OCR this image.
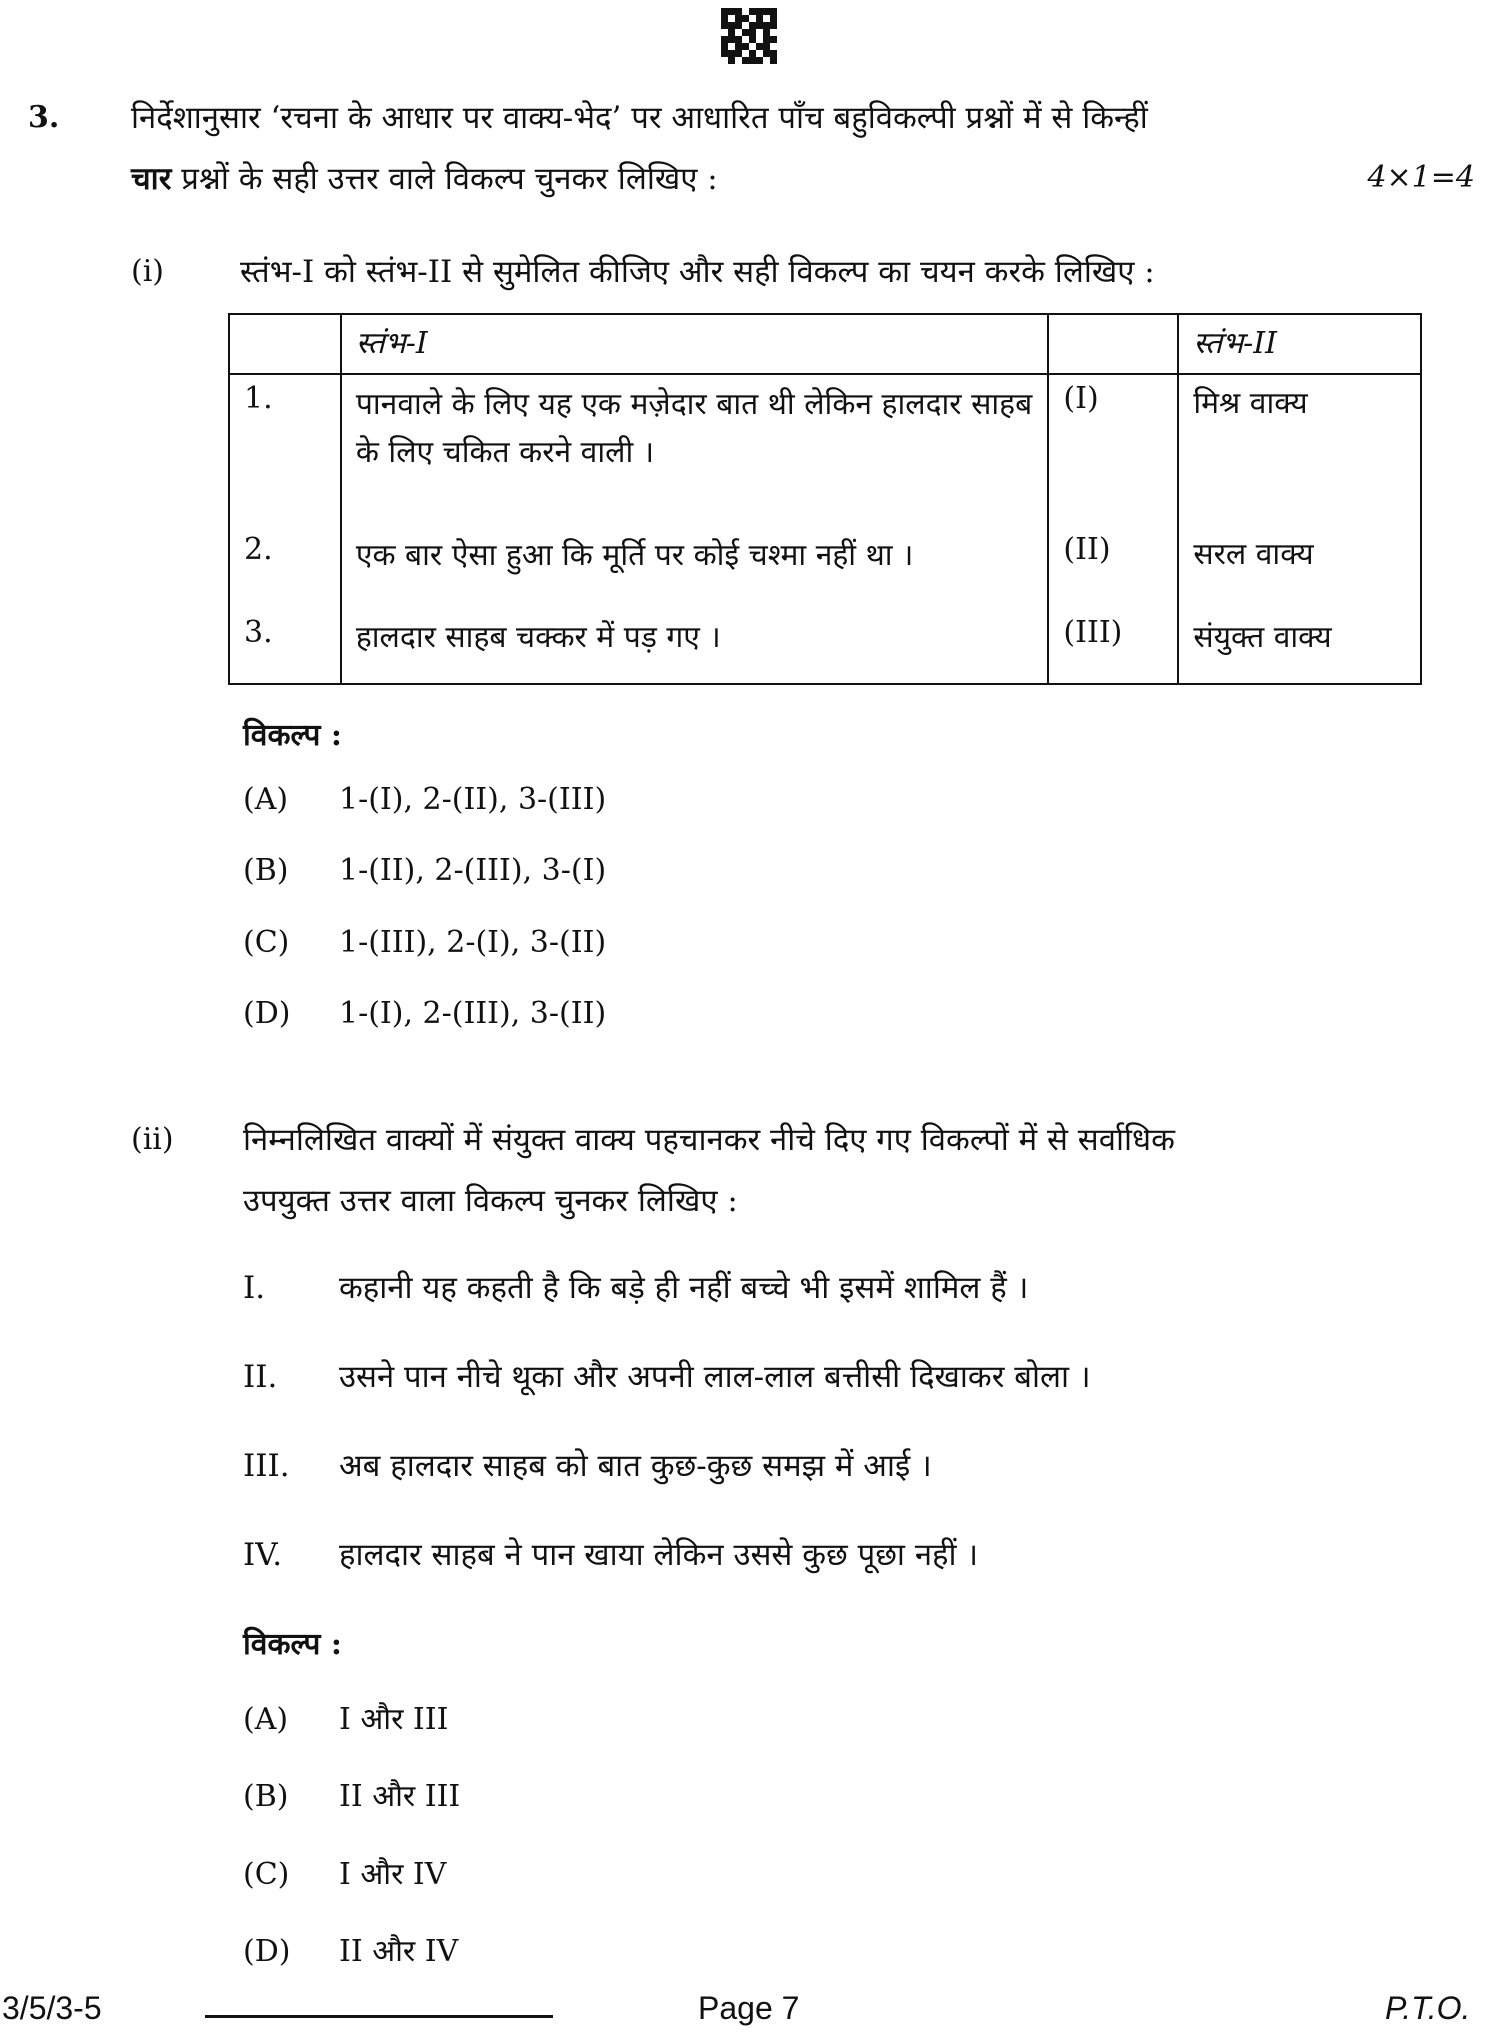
3. निर्देशानुसार ‘रचना के आधार पर वाक्य-भेद’ पर आधारित पाँच बहुविकल्पी प्रश्नों में से किन्हीं
चार प्रश्नों के सही उत्तर वाले विकल्प चुनकर लिखिए :	4×1=4
(i) स्तंभ-I को स्तंभ-II से सुमेलित कीजिए और सही विकल्प का चयन करके लिखिए :
	स्तंभ-I		स्तंभ-II
1.	पानवाले के लिए यह एक मज़ेदार बात थी लेकिन हालदार साहब के लिए चकित करने वाली ।	(I)	मिश्र वाक्य
2.	एक बार ऐसा हुआ कि मूर्ति पर कोई चश्मा नहीं था ।	(II)	सरल वाक्य
3.	हालदार साहब चक्कर में पड़ गए ।	(III)	संयुक्त वाक्य
विकल्प :
(A) 1-(I), 2-(II), 3-(III)
(B) 1-(II), 2-(III), 3-(I)
(C) 1-(III), 2-(I), 3-(II)
(D) 1-(I), 2-(III), 3-(II)
(ii) निम्नलिखित वाक्यों में संयुक्त वाक्य पहचानकर नीचे दिए गए विकल्पों में से सर्वाधिक
उपयुक्त उत्तर वाला विकल्प चुनकर लिखिए :
I. कहानी यह कहती है कि बड़े ही नहीं बच्चे भी इसमें शामिल हैं ।
II. उसने पान नीचे थूका और अपनी लाल-लाल बत्तीसी दिखाकर बोला ।
III. अब हालदार साहब को बात कुछ-कुछ समझ में आई ।
IV. हालदार साहब ने पान खाया लेकिन उससे कुछ पूछा नहीं ।
विकल्प :
(A) I और III
(B) II और III
(C) I और IV
(D) II और IV
3/5/3-5	Page 7	P.T.O.
